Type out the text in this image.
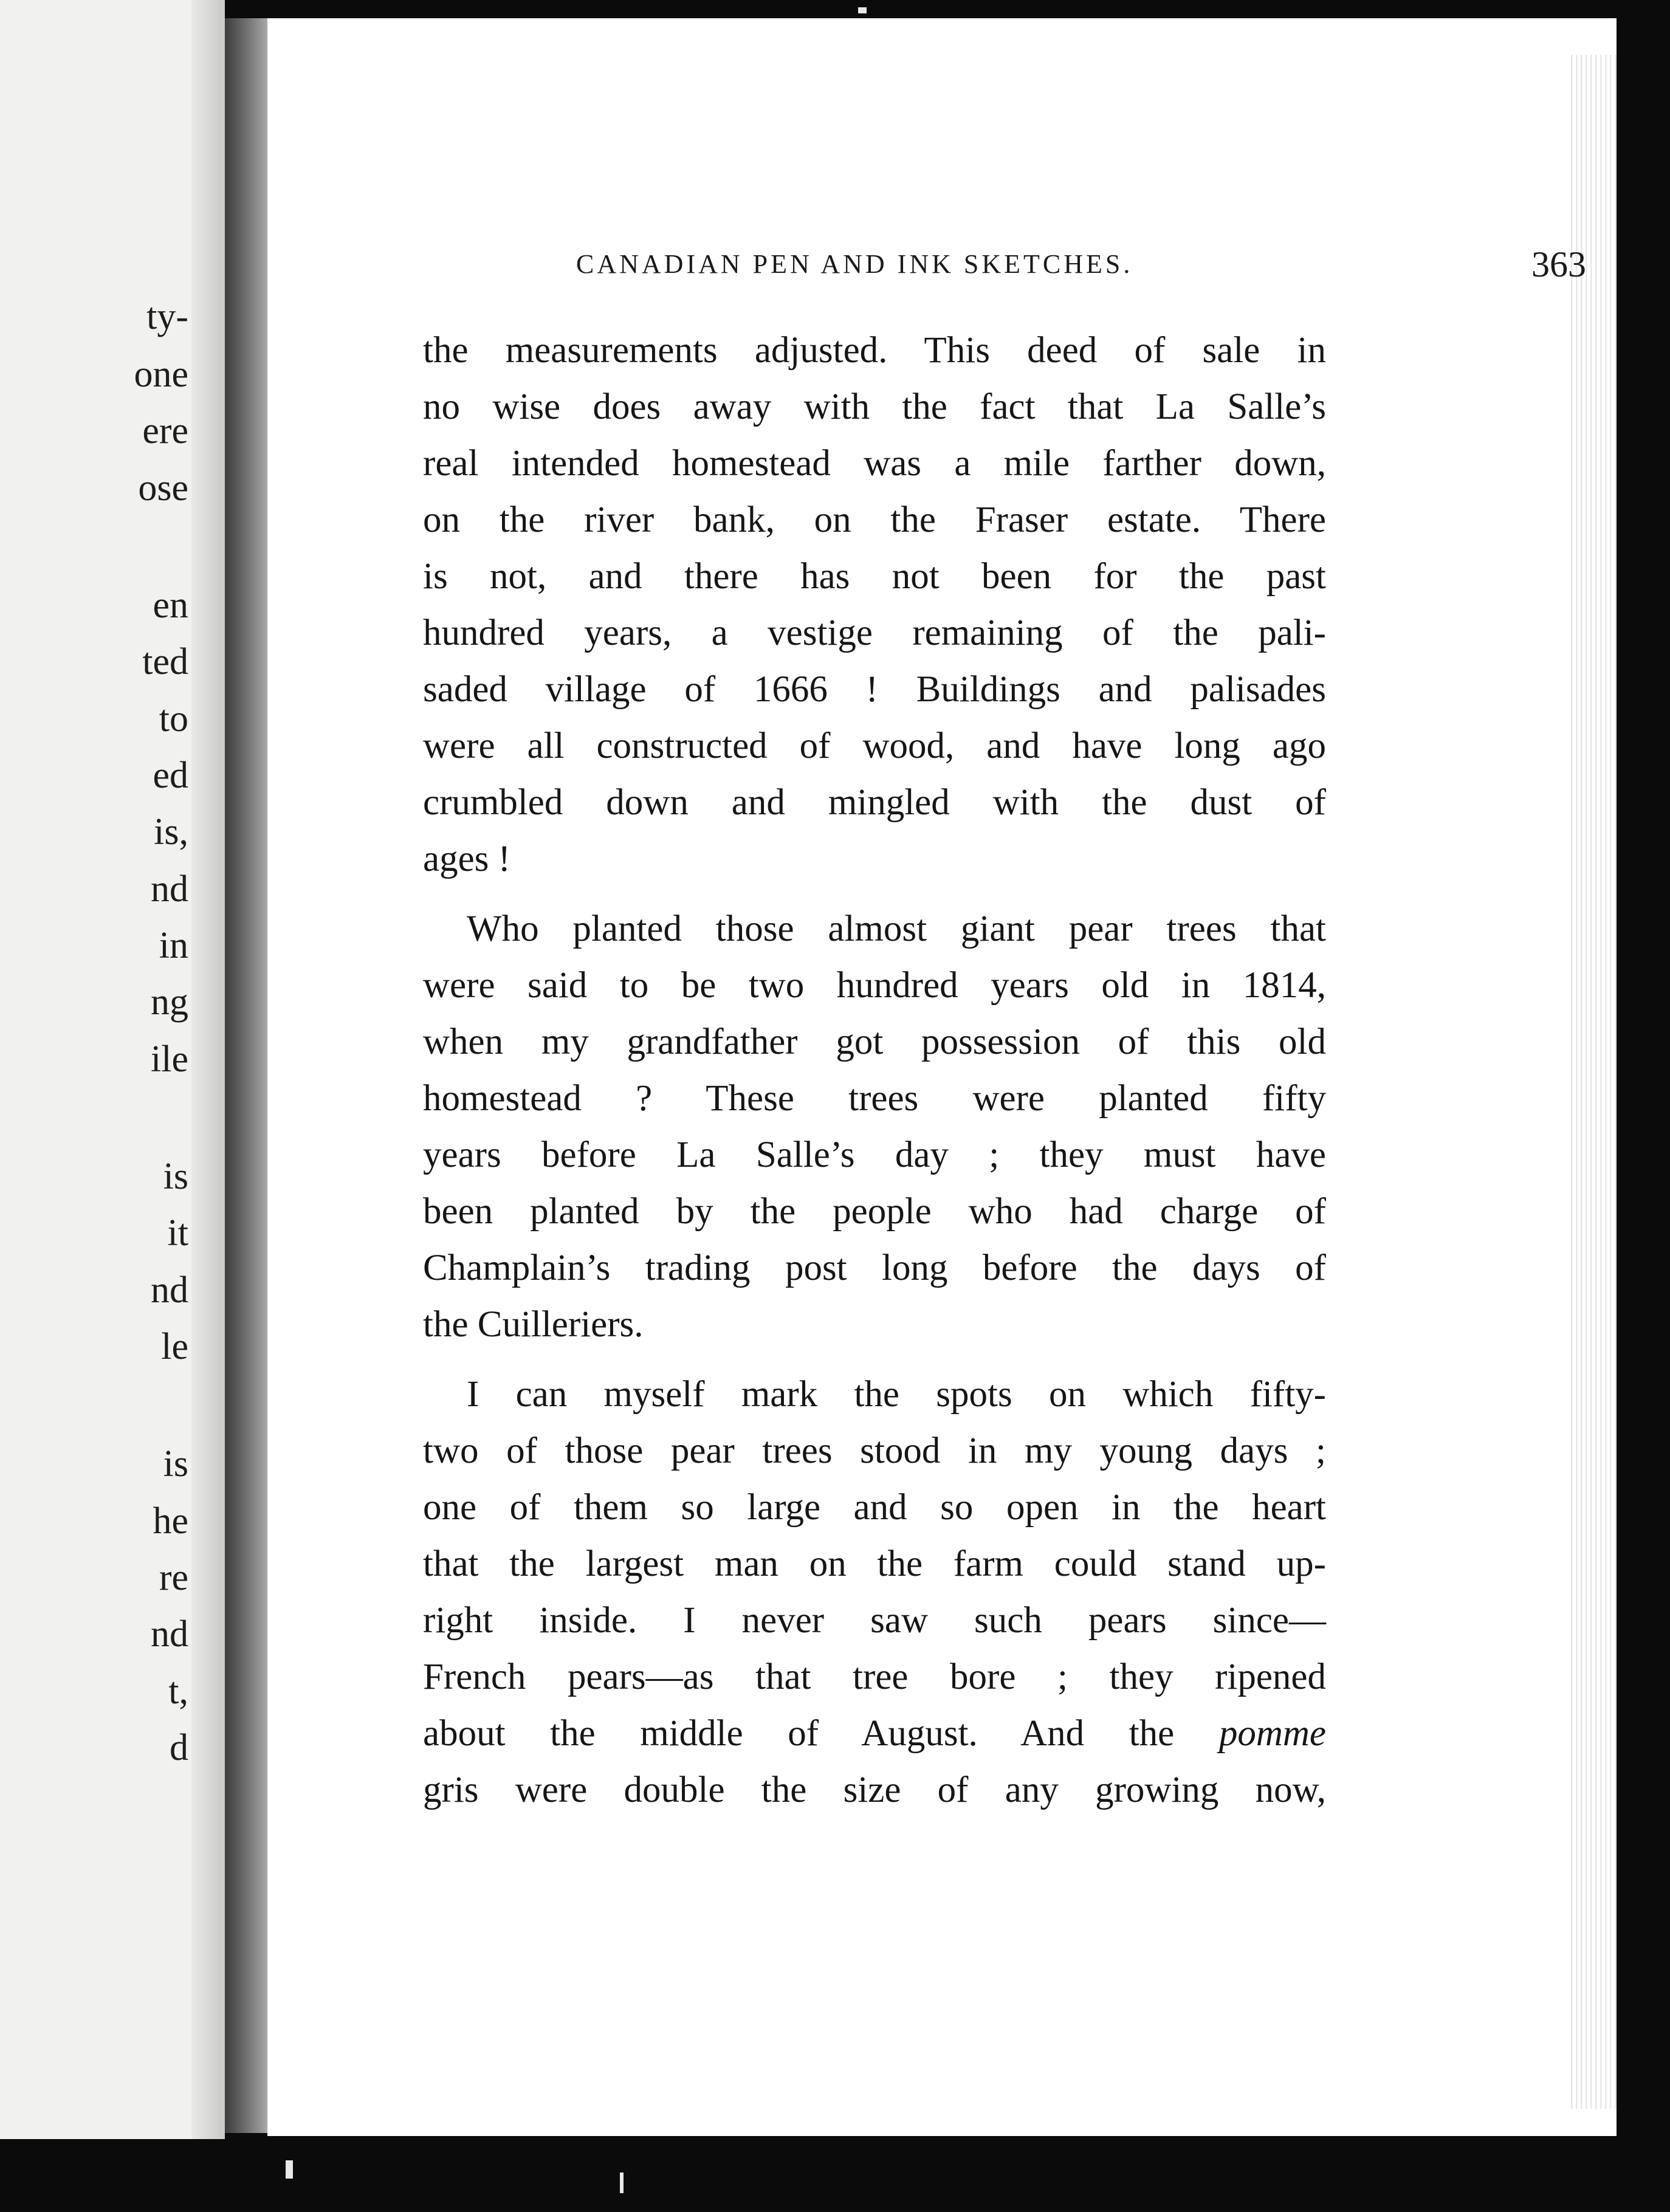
ty-
one
ere
ose
en
ted
to
ed
is,
nd
in
ng
ile
is
it
nd
le
is
he
re
nd
t,
d
CANADIAN PEN AND INK SKETCHES.	363
the measurements adjusted. This deed of sale in
no wise does away with the fact that La Salle’s
real intended homestead was a mile farther down,
on the river bank, on the Fraser estate. There
is not, and there has not been for the past
hundred years, a vestige remaining of the pali-
saded village of 1666 ! Buildings and palisades
were all constructed of wood, and have long ago
crumbled down and mingled with the dust of
ages !
Who planted those almost giant pear trees that
were said to be two hundred years old in 1814,
when my grandfather got possession of this old
homestead ? These trees were planted fifty
years before La Salle’s day ; they must have
been planted by the people who had charge of
Champlain’s trading post long before the days of
the Cuilleriers.
I can myself mark the spots on which fifty-
two of those pear trees stood in my young days ;
one of them so large and so open in the heart
that the largest man on the farm could stand up-
right inside. I never saw such pears since—
French pears—as that tree bore ; they ripened
about the middle of August. And the pomme
gris were double the size of any growing now,
